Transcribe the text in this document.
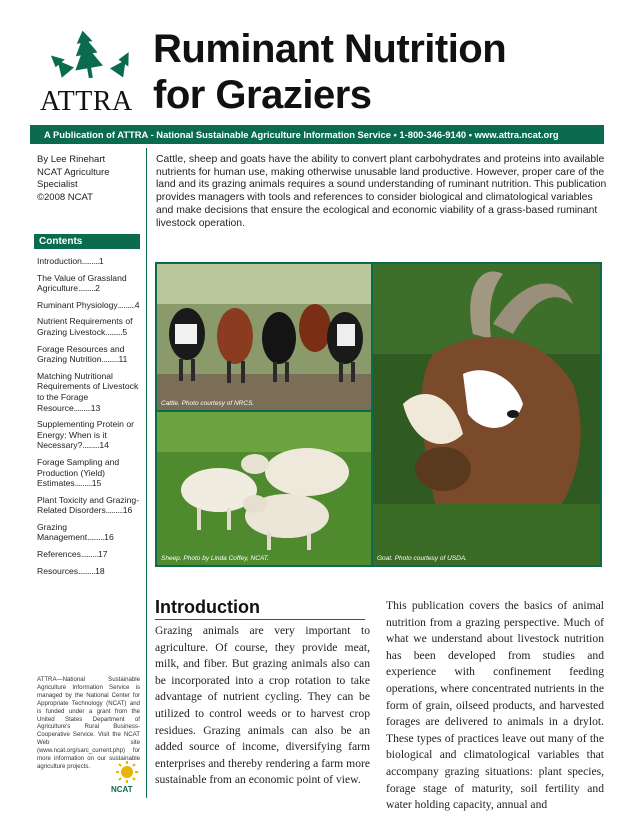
ATTRA
Ruminant Nutrition
for Graziers
A Publication of ATTRA - National Sustainable Agriculture Information Service • 1-800-346-9140 • www.attra.ncat.org
By Lee Rinehart
NCAT Agriculture
Specialist
©2008 NCAT
Cattle, sheep and goats have the ability to convert plant carbohydrates and proteins into available nutrients for human use, making otherwise unusable land productive. However, proper care of the land and its grazing animals requires a sound understanding of ruminant nutrition. This publication provides managers with tools and references to consider biological and climatological variables and make decisions that ensure the ecological and economic viability of a grass-based ruminant livestock operation.
Contents
Introduction.........1
The Value of Grassland Agriculture.........2
Ruminant Physiology.........4
Nutrient Requirements of Grazing Livestock.........5
Forage Resources and Grazing Nutrition.........11
Matching Nutritional Requirements of Livestock to the Forage Resource.........13
Supplementing Protein or Energy: When is it Necessary?.........14
Forage Sampling and Production (Yield) Estimates.........15
Plant Toxicity and Grazing-Related Disorders.........16
Grazing Management.........16
References.........17
Resources.........18
Cattle. Photo courtesy of NRCS.
Sheep. Photo by Linda Coffey, NCAT.	Goat. Photo courtesy of USDA.
Introduction
Grazing animals are very important to agriculture. Of course, they provide meat, milk, and fiber. But grazing animals also can be incorporated into a crop rotation to take advantage of nutrient cycling. They can be utilized to control weeds or to harvest crop residues. Grazing animals can also be an added source of income, diversifying farm enterprises and thereby rendering a farm more sustainable from an economic point of view.
This publication covers the basics of animal nutrition from a grazing perspective. Much of what we understand about livestock nutrition has been developed from studies and experience with confinement feeding operations, where concentrated nutrients in the form of grain, oilseed products, and harvested forages are delivered to animals in a drylot. These types of practices leave out many of the biological and climatological variables that accompany grazing situations: plant species, forage stage of maturity, soil fertility and water holding capacity, annual and
ATTRA—National Sustainable Agriculture Information Service is managed by the National Center for Appropriate Technology (NCAT) and is funded under a grant from the United States Department of Agriculture's Rural Business-Cooperative Service. Visit the NCAT Web site (www.ncat.org/sarc_current.php) for more information on our sustainable agriculture projects.
NCAT
